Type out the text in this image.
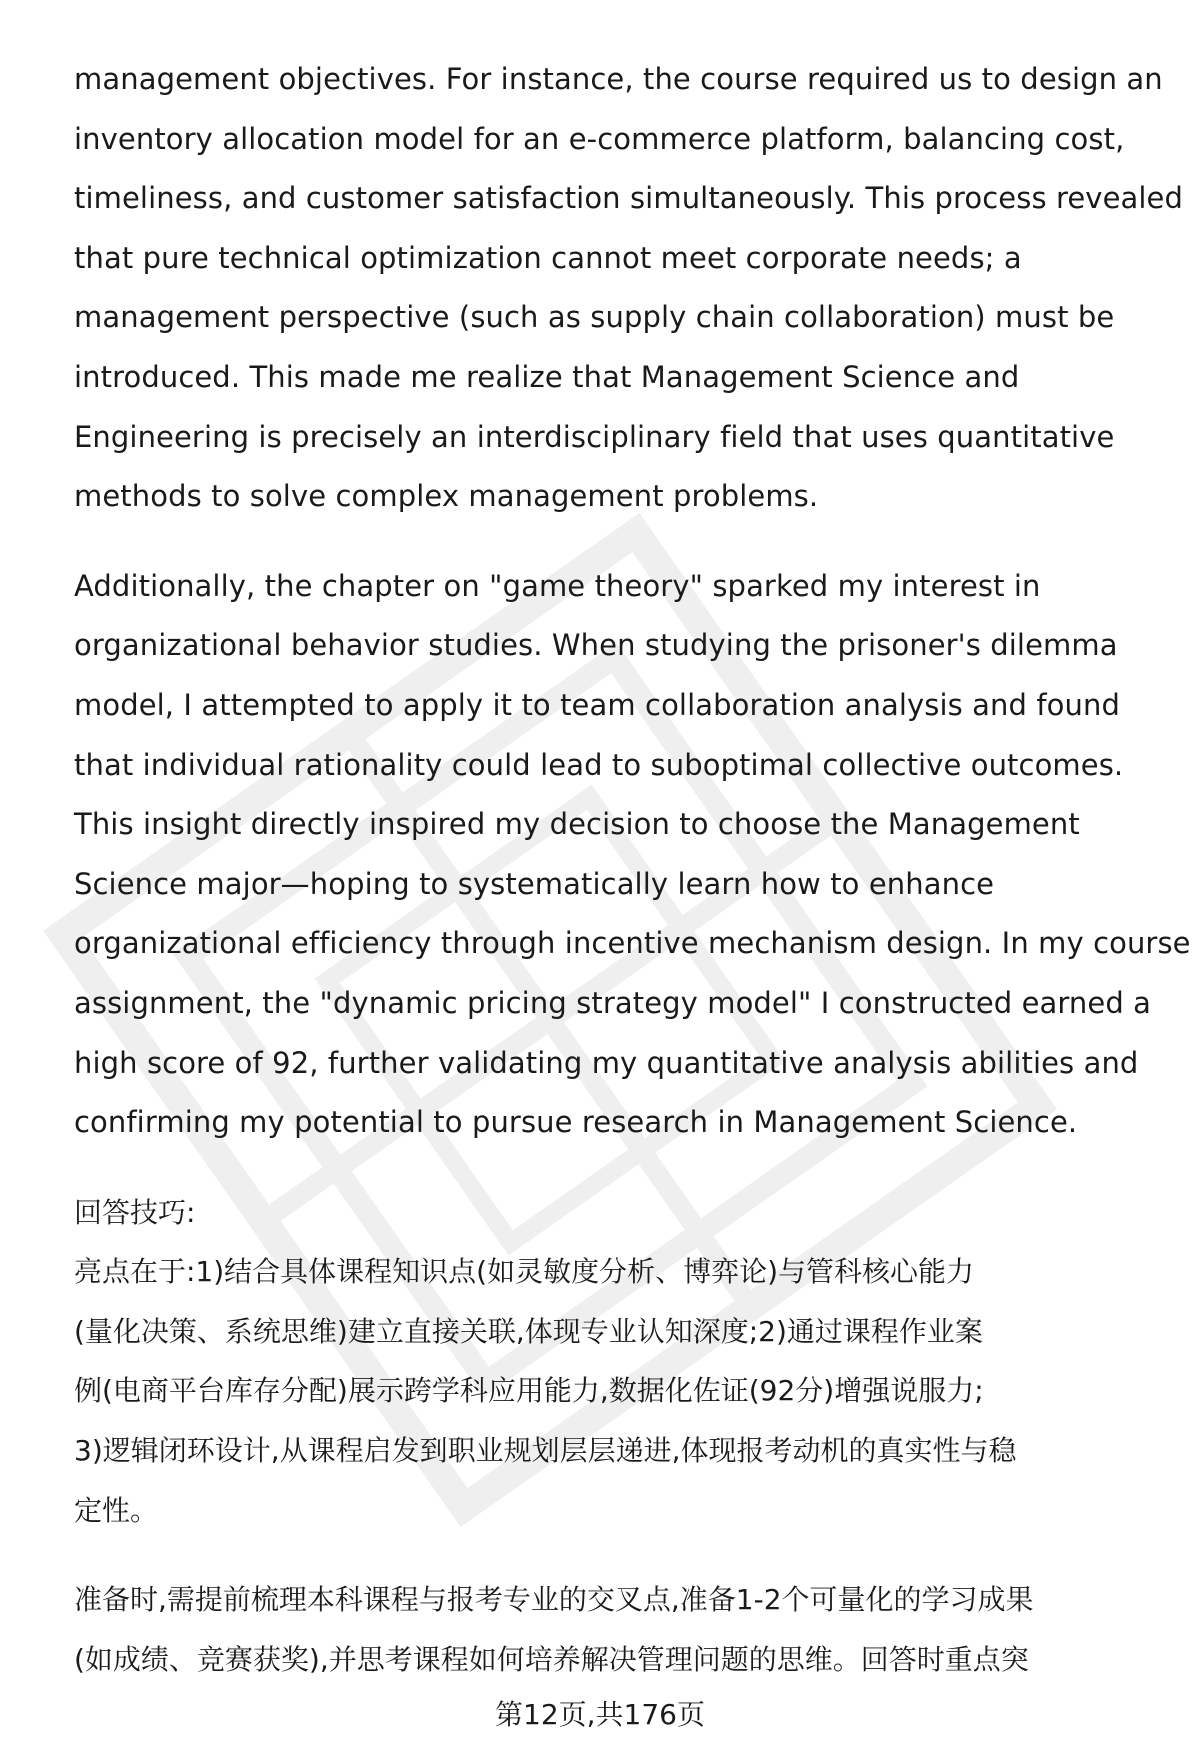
management objectives. For instance, the course required us to design an
inventory allocation model for an e-commerce platform, balancing cost,
timeliness, and customer satisfaction simultaneously. This process revealed
that pure technical optimization cannot meet corporate needs; a
management perspective (such as supply chain collaboration) must be
introduced. This made me realize that Management Science and
Engineering is precisely an interdisciplinary field that uses quantitative
methods to solve complex management problems.

Additionally, the chapter on "game theory" sparked my interest in
organizational behavior studies. When studying the prisoner's dilemma
model, I attempted to apply it to team collaboration analysis and found
that individual rationality could lead to suboptimal collective outcomes.
This insight directly inspired my decision to choose the Management
Science major—hoping to systematically learn how to enhance
organizational efficiency through incentive mechanism design. In my course
assignment, the "dynamic pricing strategy model" I constructed earned a
high score of 92, further validating my quantitative analysis abilities and
confirming my potential to pursue research in Management Science.

回答技巧:
亮点在于:1)结合具体课程知识点(如灵敏度分析、博弈论)与管科核心能力
(量化决策、系统思维)建立直接关联,体现专业认知深度;2)通过课程作业案
例(电商平台库存分配)展示跨学科应用能力,数据化佐证(92分)增强说服力;
3)逻辑闭环设计,从课程启发到职业规划层层递进,体现报考动机的真实性与稳
定性。

准备时,需提前梳理本科课程与报考专业的交叉点,准备1-2个可量化的学习成果
(如成绩、竞赛获奖),并思考课程如何培养解决管理问题的思维。回答时重点突

第12页,共176页
